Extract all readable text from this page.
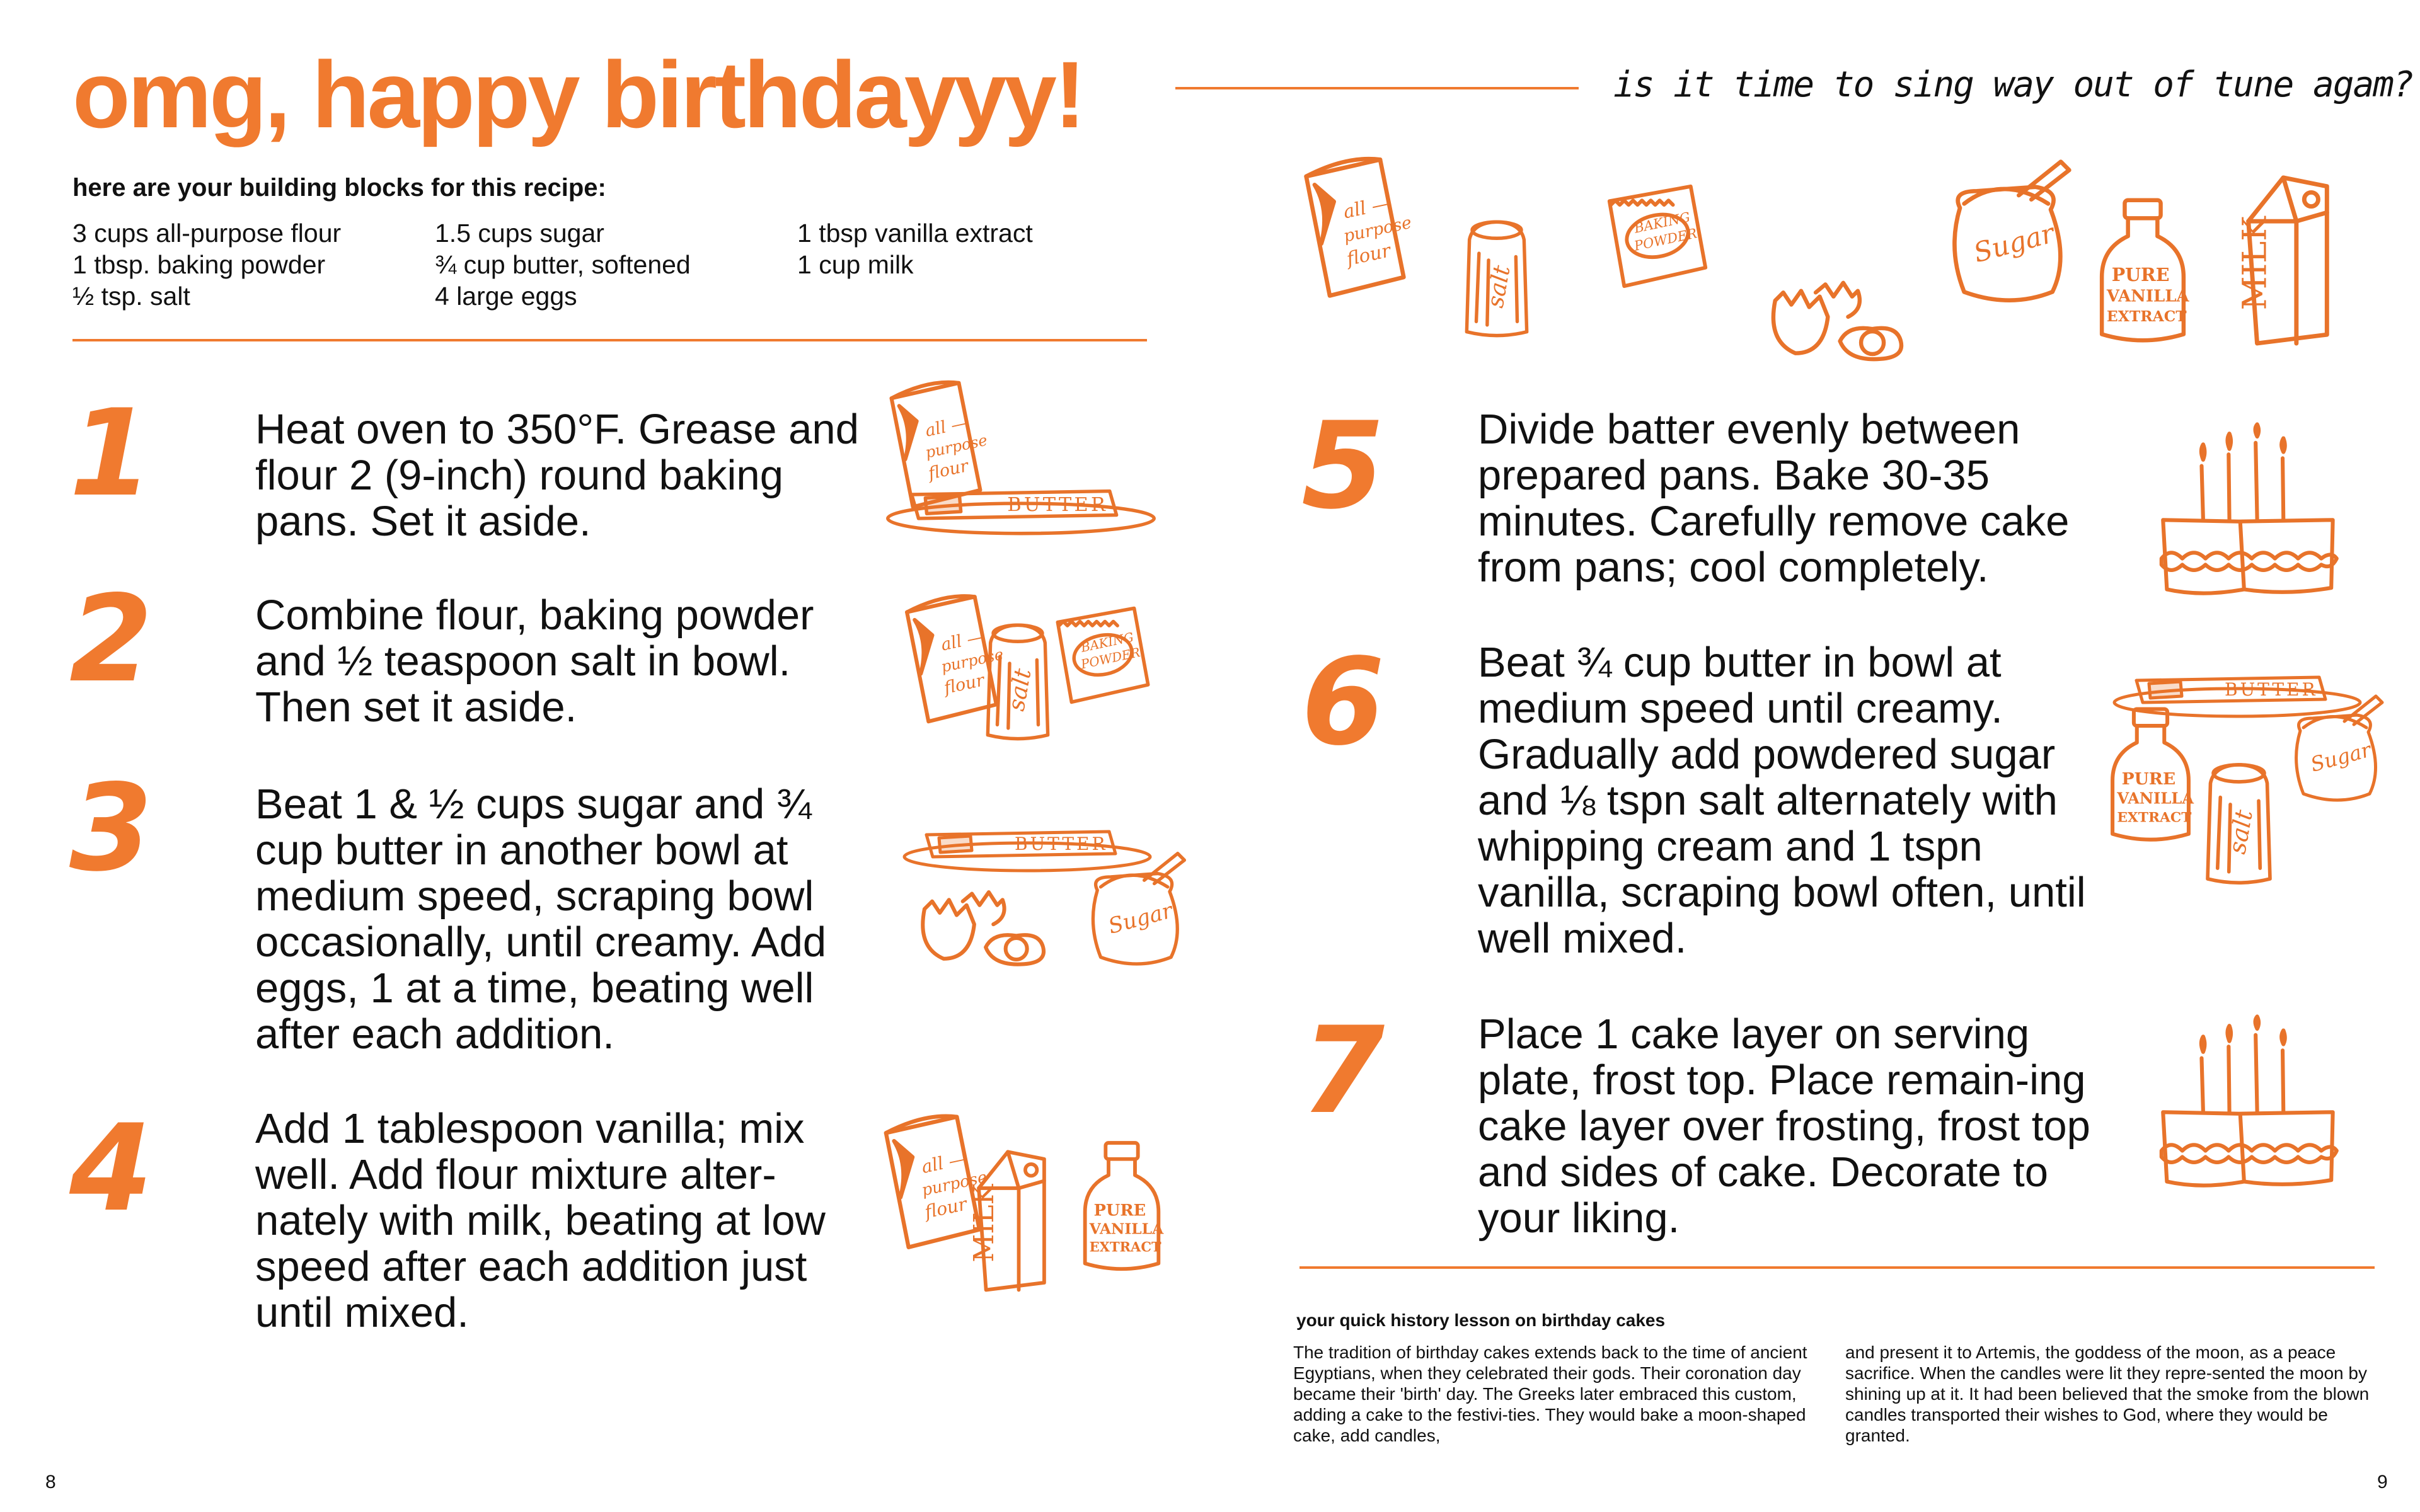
omg, happy birthdayyy!	is it time to sing way out of tune agam?
here are your building blocks for this recipe:
3 cups all-purpose flour
1 tbsp. baking powder
½ tsp. salt
1.5 cups sugar
¾ cup butter, softened
4 large eggs
1 tbsp vanilla extract
1 cup milk
1 Heat oven to 350°F. Grease and flour 2 (9-inch) round baking pans. Set it aside.
2 Combine flour, baking powder and ½ teaspoon salt in bowl. Then set it aside.
3 Beat 1 & ½ cups sugar and ¾ cup butter in another bowl at medium speed, scraping bowl occasionally, until creamy. Add eggs, 1 at a time, beating well after each addition.
4 Add 1 tablespoon vanilla; mix well. Add flour mixture alter-nately with milk, beating at low speed after each addition just until mixed.
5 Divide batter evenly between prepared pans. Bake 30-35 minutes. Carefully remove cake from pans; cool completely.
6 Beat ¾ cup butter in bowl at medium speed until creamy. Gradually add powdered sugar and ⅛ tspn salt alternately with whipping cream and 1 tspn vanilla, scraping bowl often, until well mixed.
7 Place 1 cake layer on serving plate, frost top. Place remain-ing cake layer over frosting, frost top and sides of cake. Decorate to your liking.
your quick history lesson on birthday cakes
The tradition of birthday cakes extends back to the time of ancient Egyptians, when they celebrated their gods. Their coronation day became their 'birth' day. The Greeks later embraced this custom, adding a cake to the festivi-ties. They would bake a moon-shaped cake, add candles,
and present it to Artemis, the goddess of the moon, as a peace sacrifice. When the candles were lit they repre-sented the moon by shining up at it. It had been believed that the smoke from the blown candles transported their wishes to God, where they would be granted.
8	9
